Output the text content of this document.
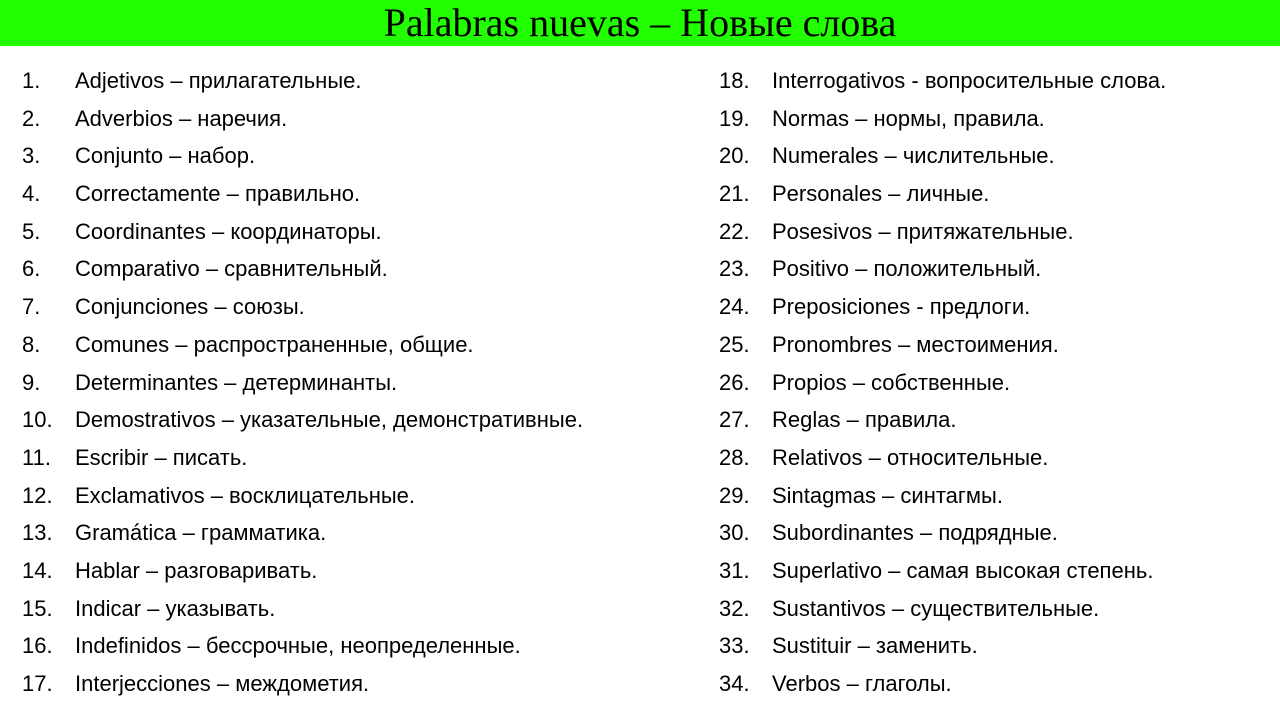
Palabras nuevas – Новые слова
1.	Adjetivos – прилагательные.
2.	Adverbios – наречия.
3.	Conjunto – набор.
4.	Correctamente – правильно.
5.	Coordinantes – координаторы.
6.	Comparativo – сравнительный.
7.	Conjunciones – союзы.
8.	Comunes – распространенные, общие.
9.	Determinantes – детерминанты.
10.	Demostrativos – указательные, демонстративные.
11.	Escribir – писать.
12.	Exclamativos – восклицательные.
13.	Gramática – грамматика.
14.	Hablar – разговаривать.
15.	Indicar – указывать.
16.	Indefinidos – бессрочные, неопределенные.
17.	Interjecciones – междометия.
18.	Interrogativos - вопросительные слова.
19.	Normas – нормы, правила.
20.	Numerales – числительные.
21.	Personales – личные.
22.	Posesivos – притяжательные.
23.	Positivo – положительный.
24.	Preposiciones - предлоги.
25.	Pronombres – местоимения.
26.	Propios – собственные.
27.	Reglas – правила.
28.	Relativos – относительные.
29.	Sintagmas – синтагмы.
30.	Subordinantes – подрядные.
31.	Superlativo – самая высокая степень.
32.	Sustantivos – существительные.
33.	Sustituir – заменить.
34.	Verbos – глаголы.
